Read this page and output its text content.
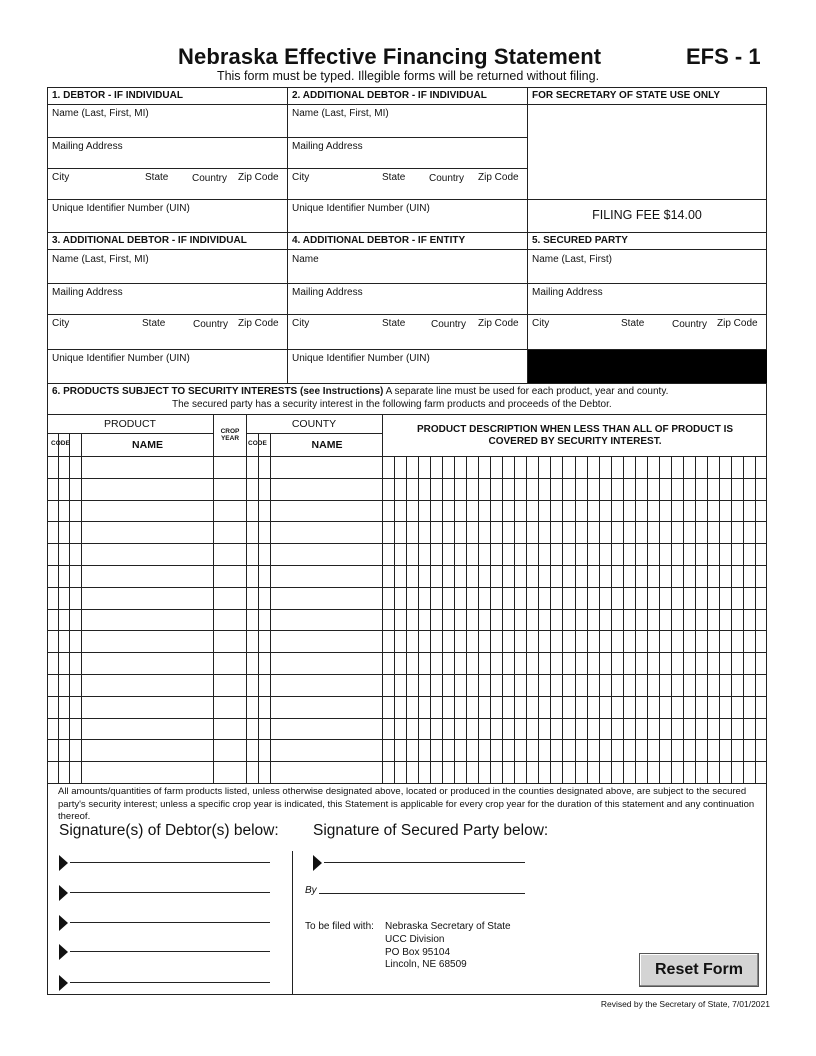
Nebraska Effective Financing Statement	EFS - 1
This form must be typed. Illegible forms will be returned without filing.
1. DEBTOR - IF INDIVIDUAL
Name (Last, First, MI)
Mailing Address
City	State Country Zip Code
Unique Identifier Number (UIN)
2. ADDITIONAL DEBTOR - IF INDIVIDUAL
Name (Last, First, MI)
Mailing Address
City	State Country Zip Code
Unique Identifier Number (UIN)
FOR SECRETARY OF STATE USE ONLY
FILING FEE $14.00
3. ADDITIONAL DEBTOR - IF INDIVIDUAL
Name (Last, First, MI)
Mailing Address
City	State	Country Zip Code
Unique Identifier Number (UIN)
4. ADDITIONAL DEBTOR - IF ENTITY
Name
Mailing Address
City	State	Country Zip Code
Unique Identifier Number (UIN)
5. SECURED PARTY
Name (Last, First)
Mailing Address
City	State	Country Zip Code
6. PRODUCTS SUBJECT TO SECURITY INTERESTS (see Instructions) A separate line must be used for each product, year and county.
The secured party has a security interest in the following farm products and proceeds of the Debtor.
PRODUCT
CROP YEAR
COUNTY
CODE	NAME	CODE	NAME
PRODUCT DESCRIPTION WHEN LESS THAN ALL OF PRODUCT IS COVERED BY SECURITY INTEREST.
All amounts/quantities of farm products listed, unless otherwise designated above, located or produced in the counties designated above, are subject to the secured party's security interest; unless a specific crop year is indicated, this Statement is applicable for every crop year for the duration of this statement and any continuation thereof.
Signature(s) of Debtor(s) below: Signature of Secured Party below:
By
To be filed with: Nebraska Secretary of State
UCC Division
PO Box 95104
Lincoln, NE 68509	Reset Form
Revised by the Secretary of State, 7/01/2021
